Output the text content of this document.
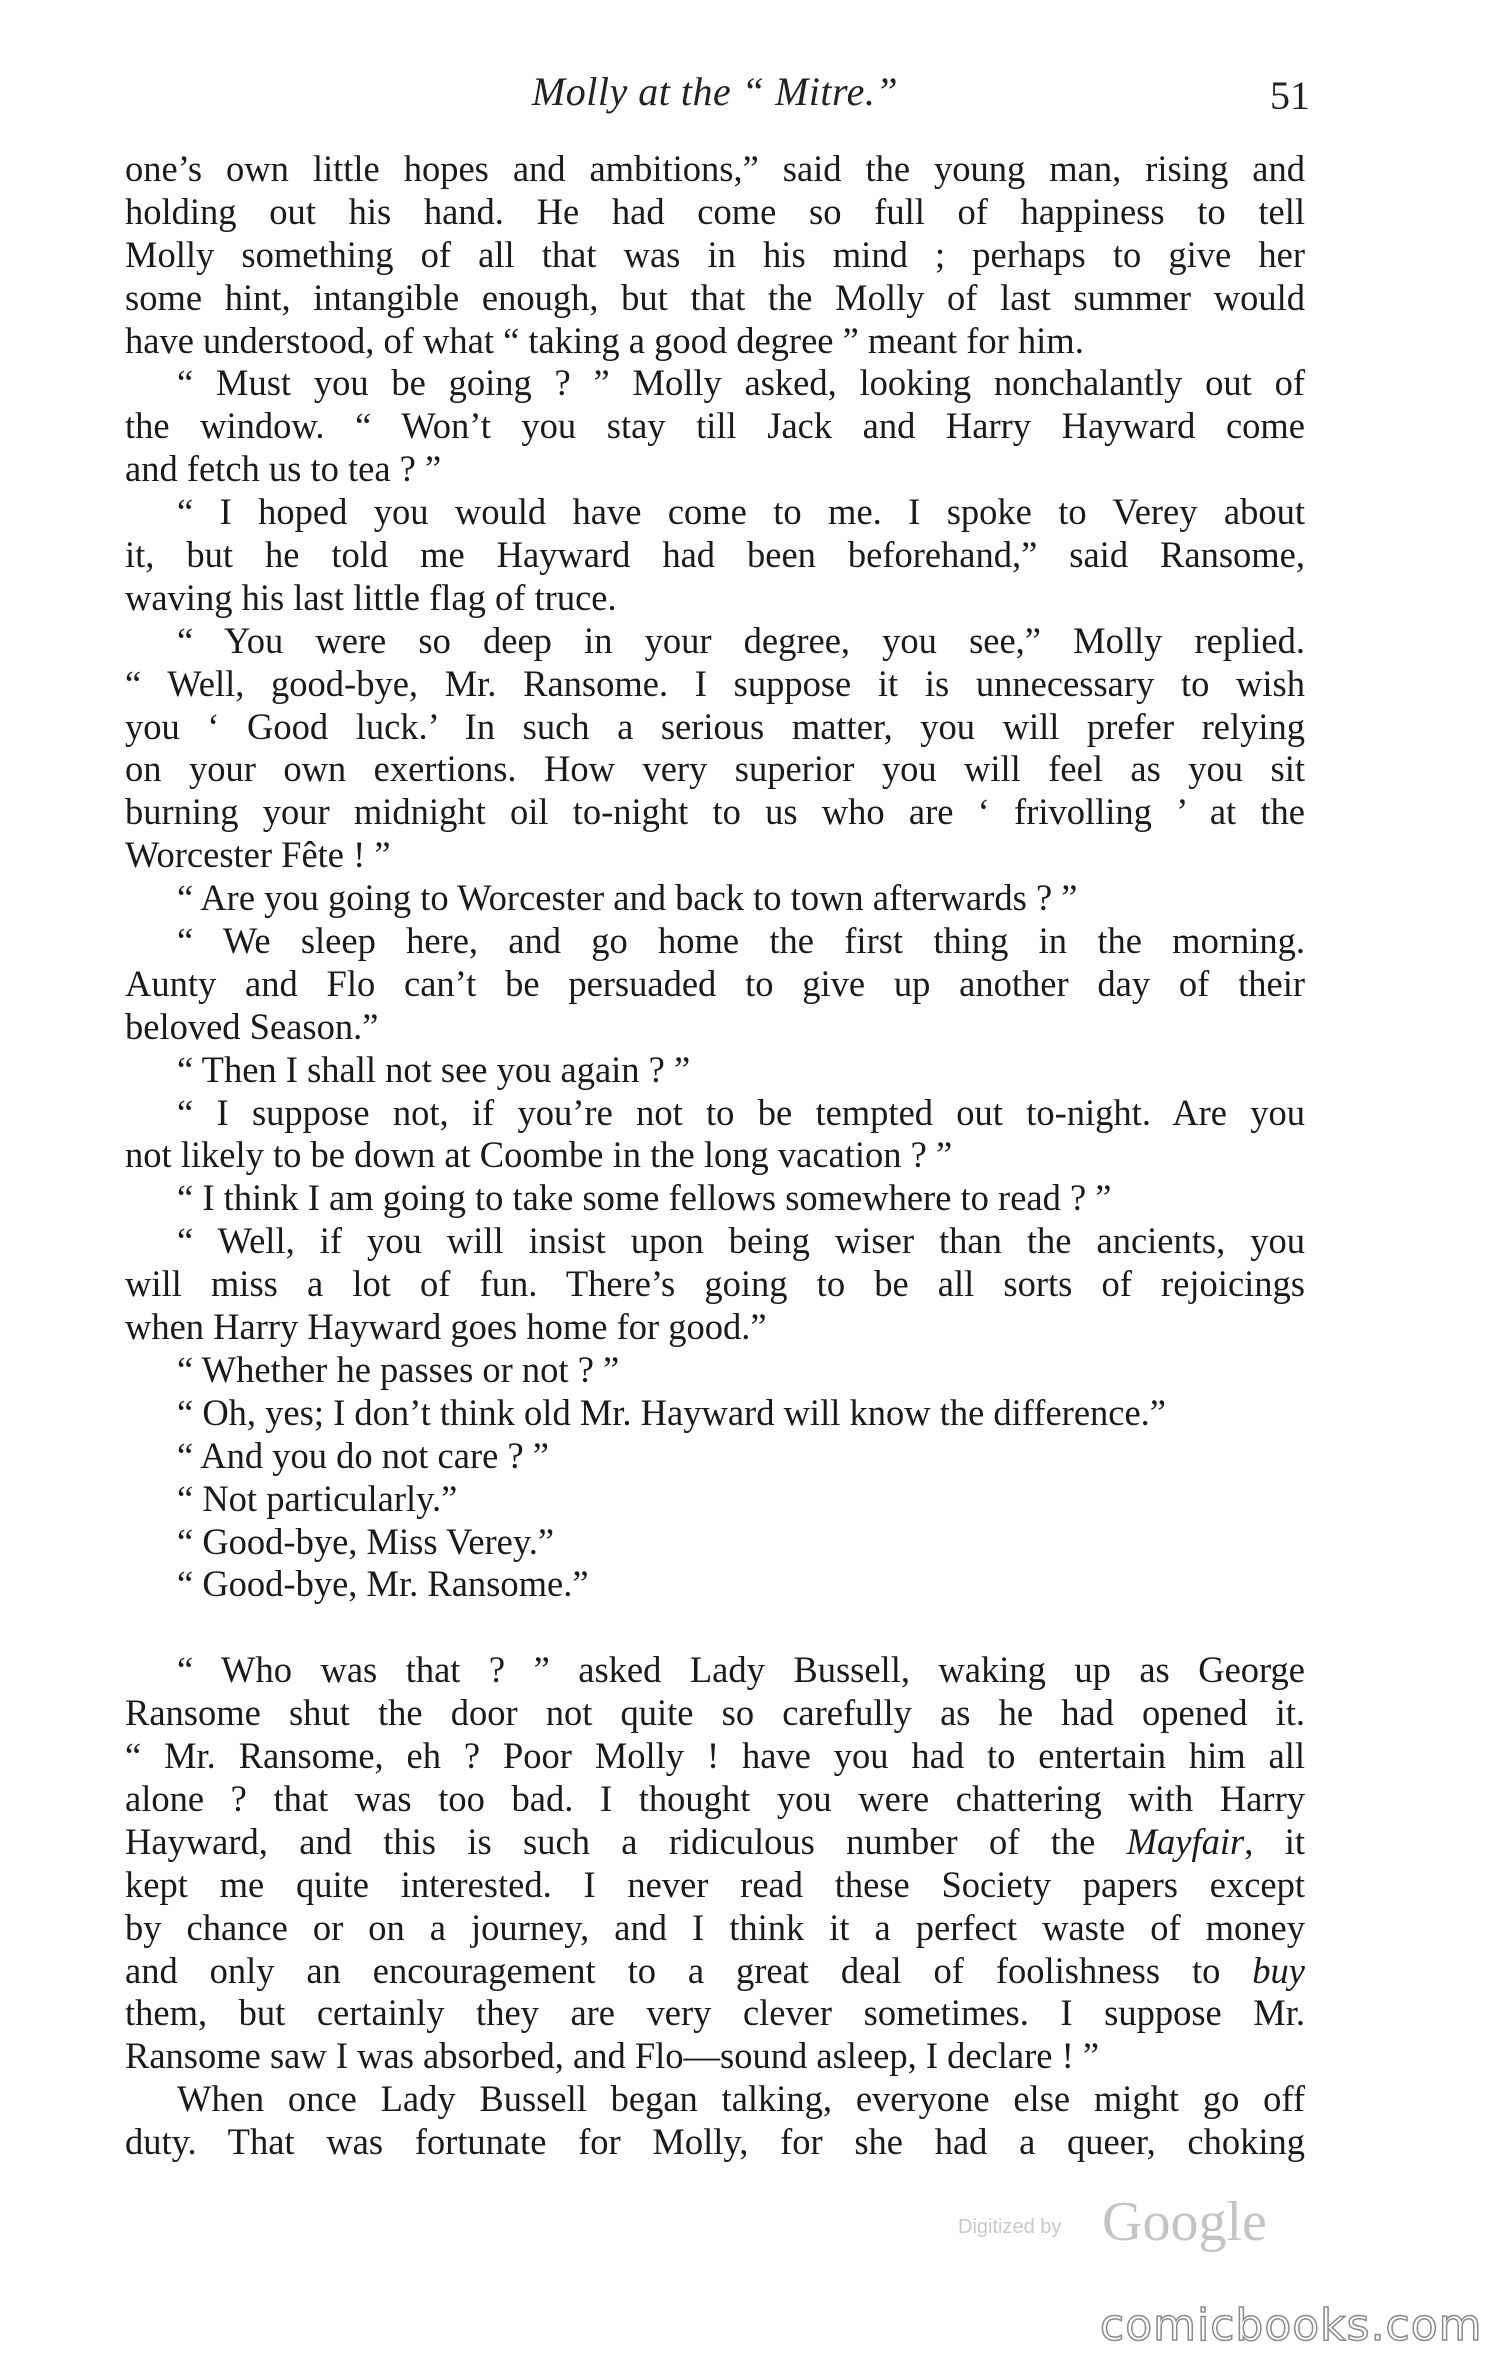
Molly at the “ Mitre.”	51
one’s own little hopes and ambitions,” said the young man, rising and
holding out his hand. He had come so full of happiness to tell
Molly something of all that was in his mind ; perhaps to give her
some hint, intangible enough, but that the Molly of last summer would
have understood, of what “ taking a good degree ” meant for him.
“ Must you be going ? ” Molly asked, looking nonchalantly out of
the window. “ Won’t you stay till Jack and Harry Hayward come
and fetch us to tea ? ”
“ I hoped you would have come to me. I spoke to Verey about
it, but he told me Hayward had been beforehand,” said Ransome,
waving his last little flag of truce.
“ You were so deep in your degree, you see,” Molly replied.
“ Well, good-bye, Mr. Ransome. I suppose it is unnecessary to wish
you ‘ Good luck.’ In such a serious matter, you will prefer relying
on your own exertions. How very superior you will feel as you sit
burning your midnight oil to-night to us who are ‘ frivolling ’ at the
Worcester Fête ! ”
“ Are you going to Worcester and back to town afterwards ? ”
“ We sleep here, and go home the first thing in the morning.
Aunty and Flo can’t be persuaded to give up another day of their
beloved Season.”
“ Then I shall not see you again ? ”
“ I suppose not, if you’re not to be tempted out to-night. Are you
not likely to be down at Coombe in the long vacation ? ”
“ I think I am going to take some fellows somewhere to read ? ”
“ Well, if you will insist upon being wiser than the ancients, you
will miss a lot of fun. There’s going to be all sorts of rejoicings
when Harry Hayward goes home for good.”
“ Whether he passes or not ? ”
“ Oh, yes; I don’t think old Mr. Hayward will know the difference.”
“ And you do not care ? ”
“ Not particularly.”
“ Good-bye, Miss Verey.”
“ Good-bye, Mr. Ransome.”
“ Who was that ? ” asked Lady Bussell, waking up as George
Ransome shut the door not quite so carefully as he had opened it.
“ Mr. Ransome, eh ? Poor Molly ! have you had to entertain him all
alone ? that was too bad. I thought you were chattering with Harry
Hayward, and this is such a ridiculous number of the Mayfair, it
kept me quite interested. I never read these Society papers except
by chance or on a journey, and I think it a perfect waste of money
and only an encouragement to a great deal of foolishness to buy
them, but certainly they are very clever sometimes. I suppose Mr.
Ransome saw I was absorbed, and Flo—sound asleep, I declare ! ”
When once Lady Bussell began talking, everyone else might go off
duty. That was fortunate for Molly, for she had a queer, choking
Digitized by Google
comicbooks.com
